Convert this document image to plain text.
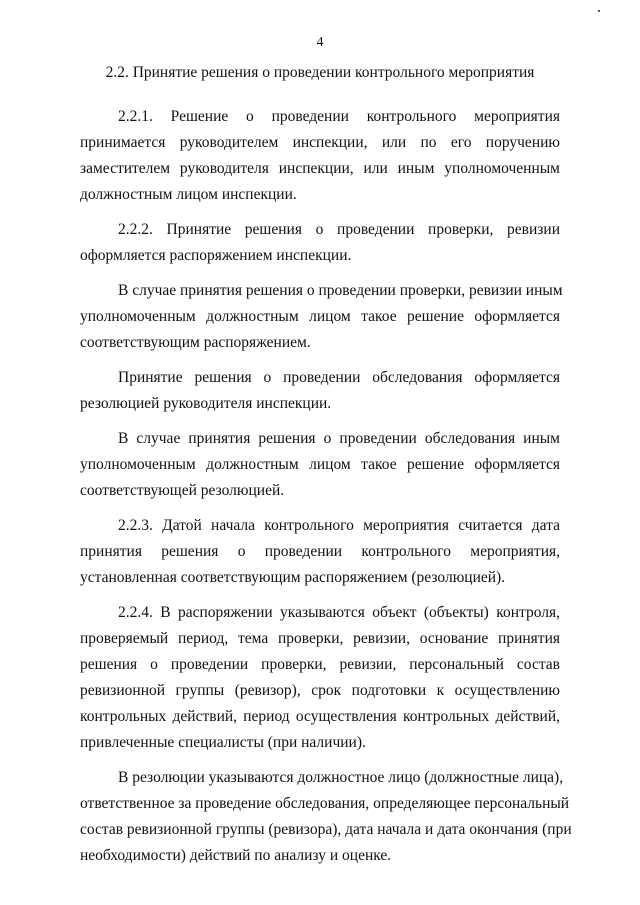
4
2.2. Принятие решения о проведении контрольного мероприятия

2.2.1. Решение о проведении контрольного мероприятия
принимается руководителем инспекции, или по его поручению
заместителем руководителя инспекции, или иным уполномоченным
должностным лицом инспекции.

2.2.2. Принятие решения о проведении проверки, ревизии
оформляется распоряжением инспекции.

В случае принятия решения о проведении проверки, ревизии иным
уполномоченным должностным лицом такое решение оформляется
соответствующим распоряжением.

Принятие решения о проведении обследования оформляется
резолюцией руководителя инспекции.

В случае принятия решения о проведении обследования иным
уполномоченным должностным лицом такое решение оформляется
соответствующей резолюцией.

2.2.3. Датой начала контрольного мероприятия считается дата
принятия решения о проведении контрольного мероприятия,
установленная соответствующим распоряжением (резолюцией).

2.2.4. В распоряжении указываются объект (объекты) контроля,
проверяемый период, тема проверки, ревизии, основание принятия
решения о проведении проверки, ревизии, персональный состав
ревизионной группы (ревизор), срок подготовки к осуществлению
контрольных действий, период осуществления контрольных действий,
привлеченные специалисты (при наличии).

В резолюции указываются должностное лицо (должностные лица),
ответственное за проведение обследования, определяющее персональный
состав ревизионной группы (ревизора), дата начала и дата окончания (при
необходимости) действий по анализу и оценке.
